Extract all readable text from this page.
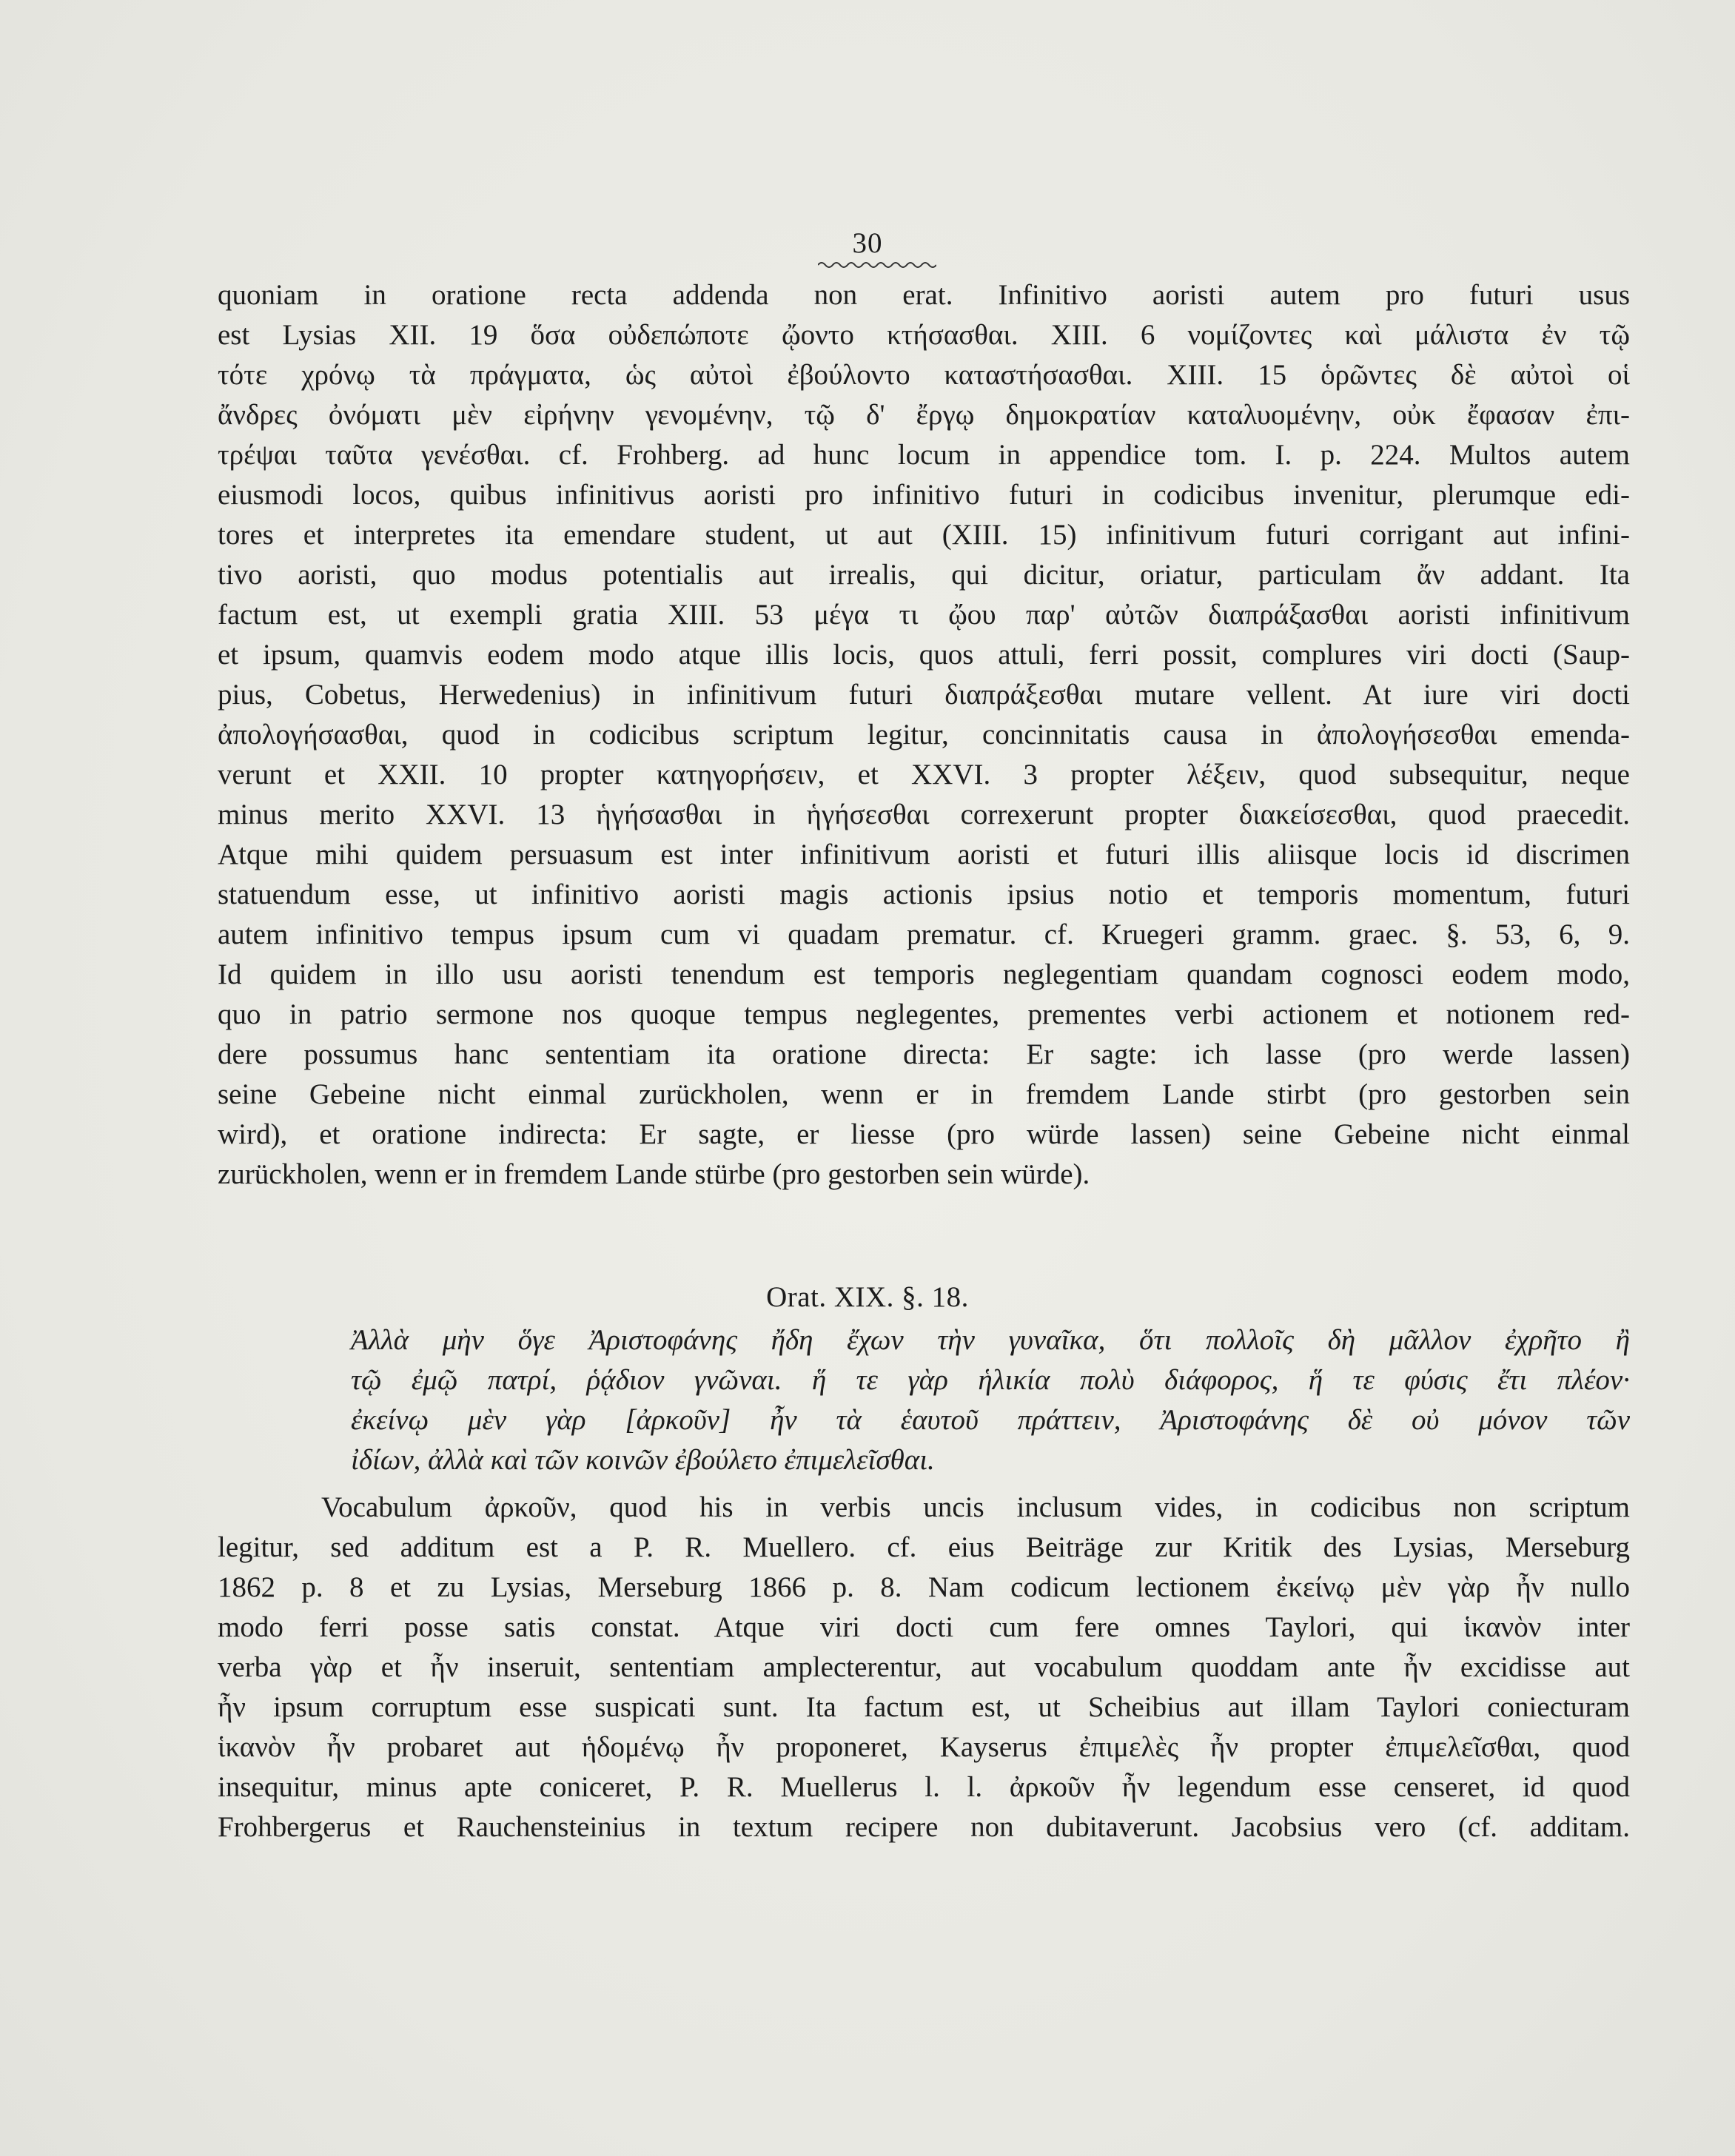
30
quoniam in oratione recta addenda non erat. Infinitivo aoristi autem pro futuri usus
est Lysias XII. 19 ὅσα οὐδεπώποτε ᾤοντο κτήσασθαι. XIII. 6 νομίζοντες καὶ μάλιστα ἐν τῷ
τότε χρόνῳ τὰ πράγματα, ὡς αὐτοὶ ἐβούλοντο καταστήσασθαι. XIII. 15 ὁρῶντες δὲ αὐτοὶ οἱ
ἄνδρες ὀνόματι μὲν εἰρήνην γενομένην, τῷ δ' ἔργῳ δημοκρατίαν καταλυομένην, οὐκ ἔφασαν ἐπι-
τρέψαι ταῦτα γενέσθαι. cf. Frohberg. ad hunc locum in appendice tom. I. p. 224. Multos autem
eiusmodi locos, quibus infinitivus aoristi pro infinitivo futuri in codicibus invenitur, plerumque edi-
tores et interpretes ita emendare student, ut aut (XIII. 15) infinitivum futuri corrigant aut infini-
tivo aoristi, quo modus potentialis aut irrealis, qui dicitur, oriatur, particulam ἄν addant. Ita
factum est, ut exempli gratia XIII. 53 μέγα τι ᾤου παρ' αὐτῶν διαπράξασθαι aoristi infinitivum
et ipsum, quamvis eodem modo atque illis locis, quos attuli, ferri possit, complures viri docti (Saup-
pius, Cobetus, Herwedenius) in infinitivum futuri διαπράξεσθαι mutare vellent. At iure viri docti
ἀπολογήσασθαι, quod in codicibus scriptum legitur, concinnitatis causa in ἀπολογήσεσθαι emenda-
verunt et XXII. 10 propter κατηγορήσειν, et XXVI. 3 propter λέξειν, quod subsequitur, neque
minus merito XXVI. 13 ἡγήσασθαι in ἡγήσεσθαι correxerunt propter διακείσεσθαι, quod praecedit.
Atque mihi quidem persuasum est inter infinitivum aoristi et futuri illis aliisque locis id discrimen
statuendum esse, ut infinitivo aoristi magis actionis ipsius notio et temporis momentum, futuri
autem infinitivo tempus ipsum cum vi quadam prematur. cf. Kruegeri gramm. graec. §. 53, 6, 9.
Id quidem in illo usu aoristi tenendum est temporis neglegentiam quandam cognosci eodem modo,
quo in patrio sermone nos quoque tempus neglegentes, prementes verbi actionem et notionem red-
dere possumus hanc sententiam ita oratione directa: Er sagte: ich lasse (pro werde lassen)
seine Gebeine nicht einmal zurückholen, wenn er in fremdem Lande stirbt (pro gestorben sein
wird), et oratione indirecta: Er sagte, er liesse (pro würde lassen) seine Gebeine nicht einmal
zurückholen, wenn er in fremdem Lande stürbe (pro gestorben sein würde).
Orat. XIX. §. 18.
Ἀλλὰ μὴν ὅγε Ἀριστοφάνης ἤδη ἔχων τὴν γυναῖκα, ὅτι πολλοῖς δὴ μᾶλλον ἐχρῆτο ἢ
τῷ ἐμῷ πατρί, ῥᾴδιον γνῶναι. ἥ τε γὰρ ἡλικία πολὺ διάφορος, ἥ τε φύσις ἔτι πλέον·
ἐκείνῳ μὲν γὰρ [ἀρκοῦν] ἦν τὰ ἑαυτοῦ πράττειν, Ἀριστοφάνης δὲ οὐ μόνον τῶν
ἰδίων, ἀλλὰ καὶ τῶν κοινῶν ἐβούλετο ἐπιμελεῖσθαι.
Vocabulum ἀρκοῦν, quod his in verbis uncis inclusum vides, in codicibus non scriptum
legitur, sed additum est a P. R. Muellero. cf. eius Beiträge zur Kritik des Lysias, Merseburg
1862 p. 8 et zu Lysias, Merseburg 1866 p. 8. Nam codicum lectionem ἐκείνῳ μὲν γὰρ ἦν nullo
modo ferri posse satis constat. Atque viri docti cum fere omnes Taylori, qui ἱκανὸν inter
verba γὰρ et ἦν inseruit, sententiam amplecterentur, aut vocabulum quoddam ante ἦν excidisse aut
ἦν ipsum corruptum esse suspicati sunt. Ita factum est, ut Scheibius aut illam Taylori coniecturam
ἱκανὸν ἦν probaret aut ἡδομένῳ ἦν proponeret, Kayserus ἐπιμελὲς ἦν propter ἐπιμελεῖσθαι, quod
insequitur, minus apte coniceret, P. R. Muellerus l. l. ἀρκοῦν ἦν legendum esse censeret, id quod
Frohbergerus et Rauchensteinius in textum recipere non dubitaverunt. Jacobsius vero (cf. additam.
